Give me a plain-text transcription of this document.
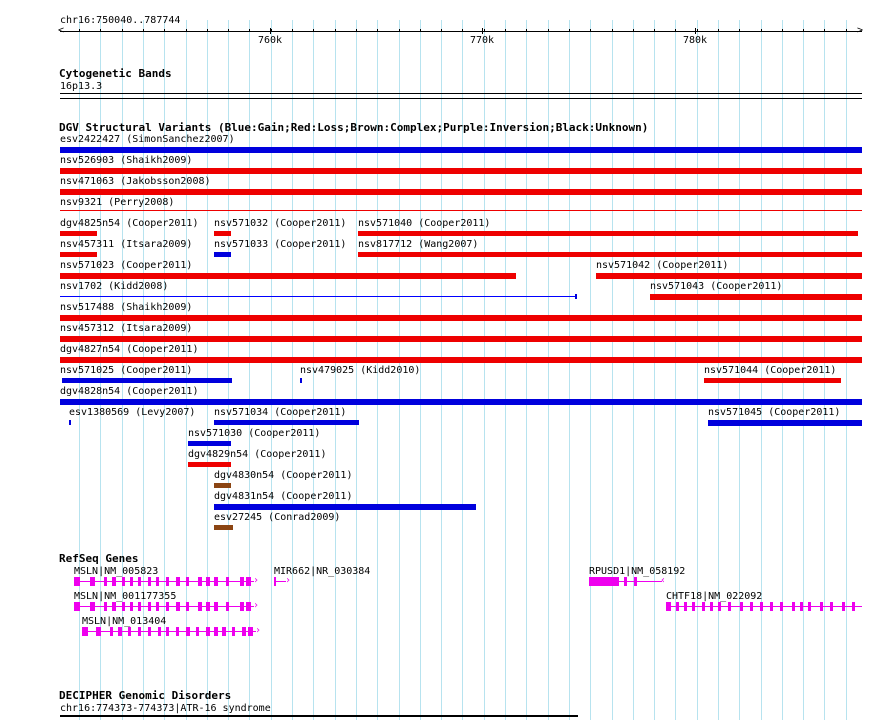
chr16:750040..787744
<	>
760k	770k	780k
Cytogenetic Bands
16p13.3
DGV Structural Variants (Blue:Gain;Red:Loss;Brown:Complex;Purple:Inversion;Black:Unknown)
esv2422427 (SimonSanchez2007)
nsv526903 (Shaikh2009)
nsv471063 (Jakobsson2008)
nsv9321 (Perry2008)
dgv4825n54 (Cooper2011) nsv571032 (Cooper2011) nsv571040 (Cooper2011)
nsv457311 (Itsara2009) nsv571033 (Cooper2011) nsv817712 (Wang2007)
nsv571023 (Cooper2011)	nsv571042 (Cooper2011)
nsv1702 (Kidd2008)	nsv571043 (Cooper2011)
nsv517488 (Shaikh2009)
nsv457312 (Itsara2009)
dgv4827n54 (Cooper2011)
nsv571025 (Cooper2011)	nsv479025 (Kidd2010)	nsv571044 (Cooper2011)
dgv4828n54 (Cooper2011)
esv1380569 (Levy2007) nsv571034 (Cooper2011)	nsv571045 (Cooper2011)
nsv571030 (Cooper2011)
dgv4829n54 (Cooper2011)
dgv4830n54 (Cooper2011)
dgv4831n54 (Cooper2011)
esv27245 (Conrad2009)
RefSeq Genes
MSLN|NM_005823
›
MIR662|NR_030384
›
RPUSD1|NM_058192
‹
MSLN|NM_001177355
›
CHTF18|NM_022092
MSLN|NM_013404
›
DECIPHER Genomic Disorders
chr16:774373-774373|ATR-16 syndrome
